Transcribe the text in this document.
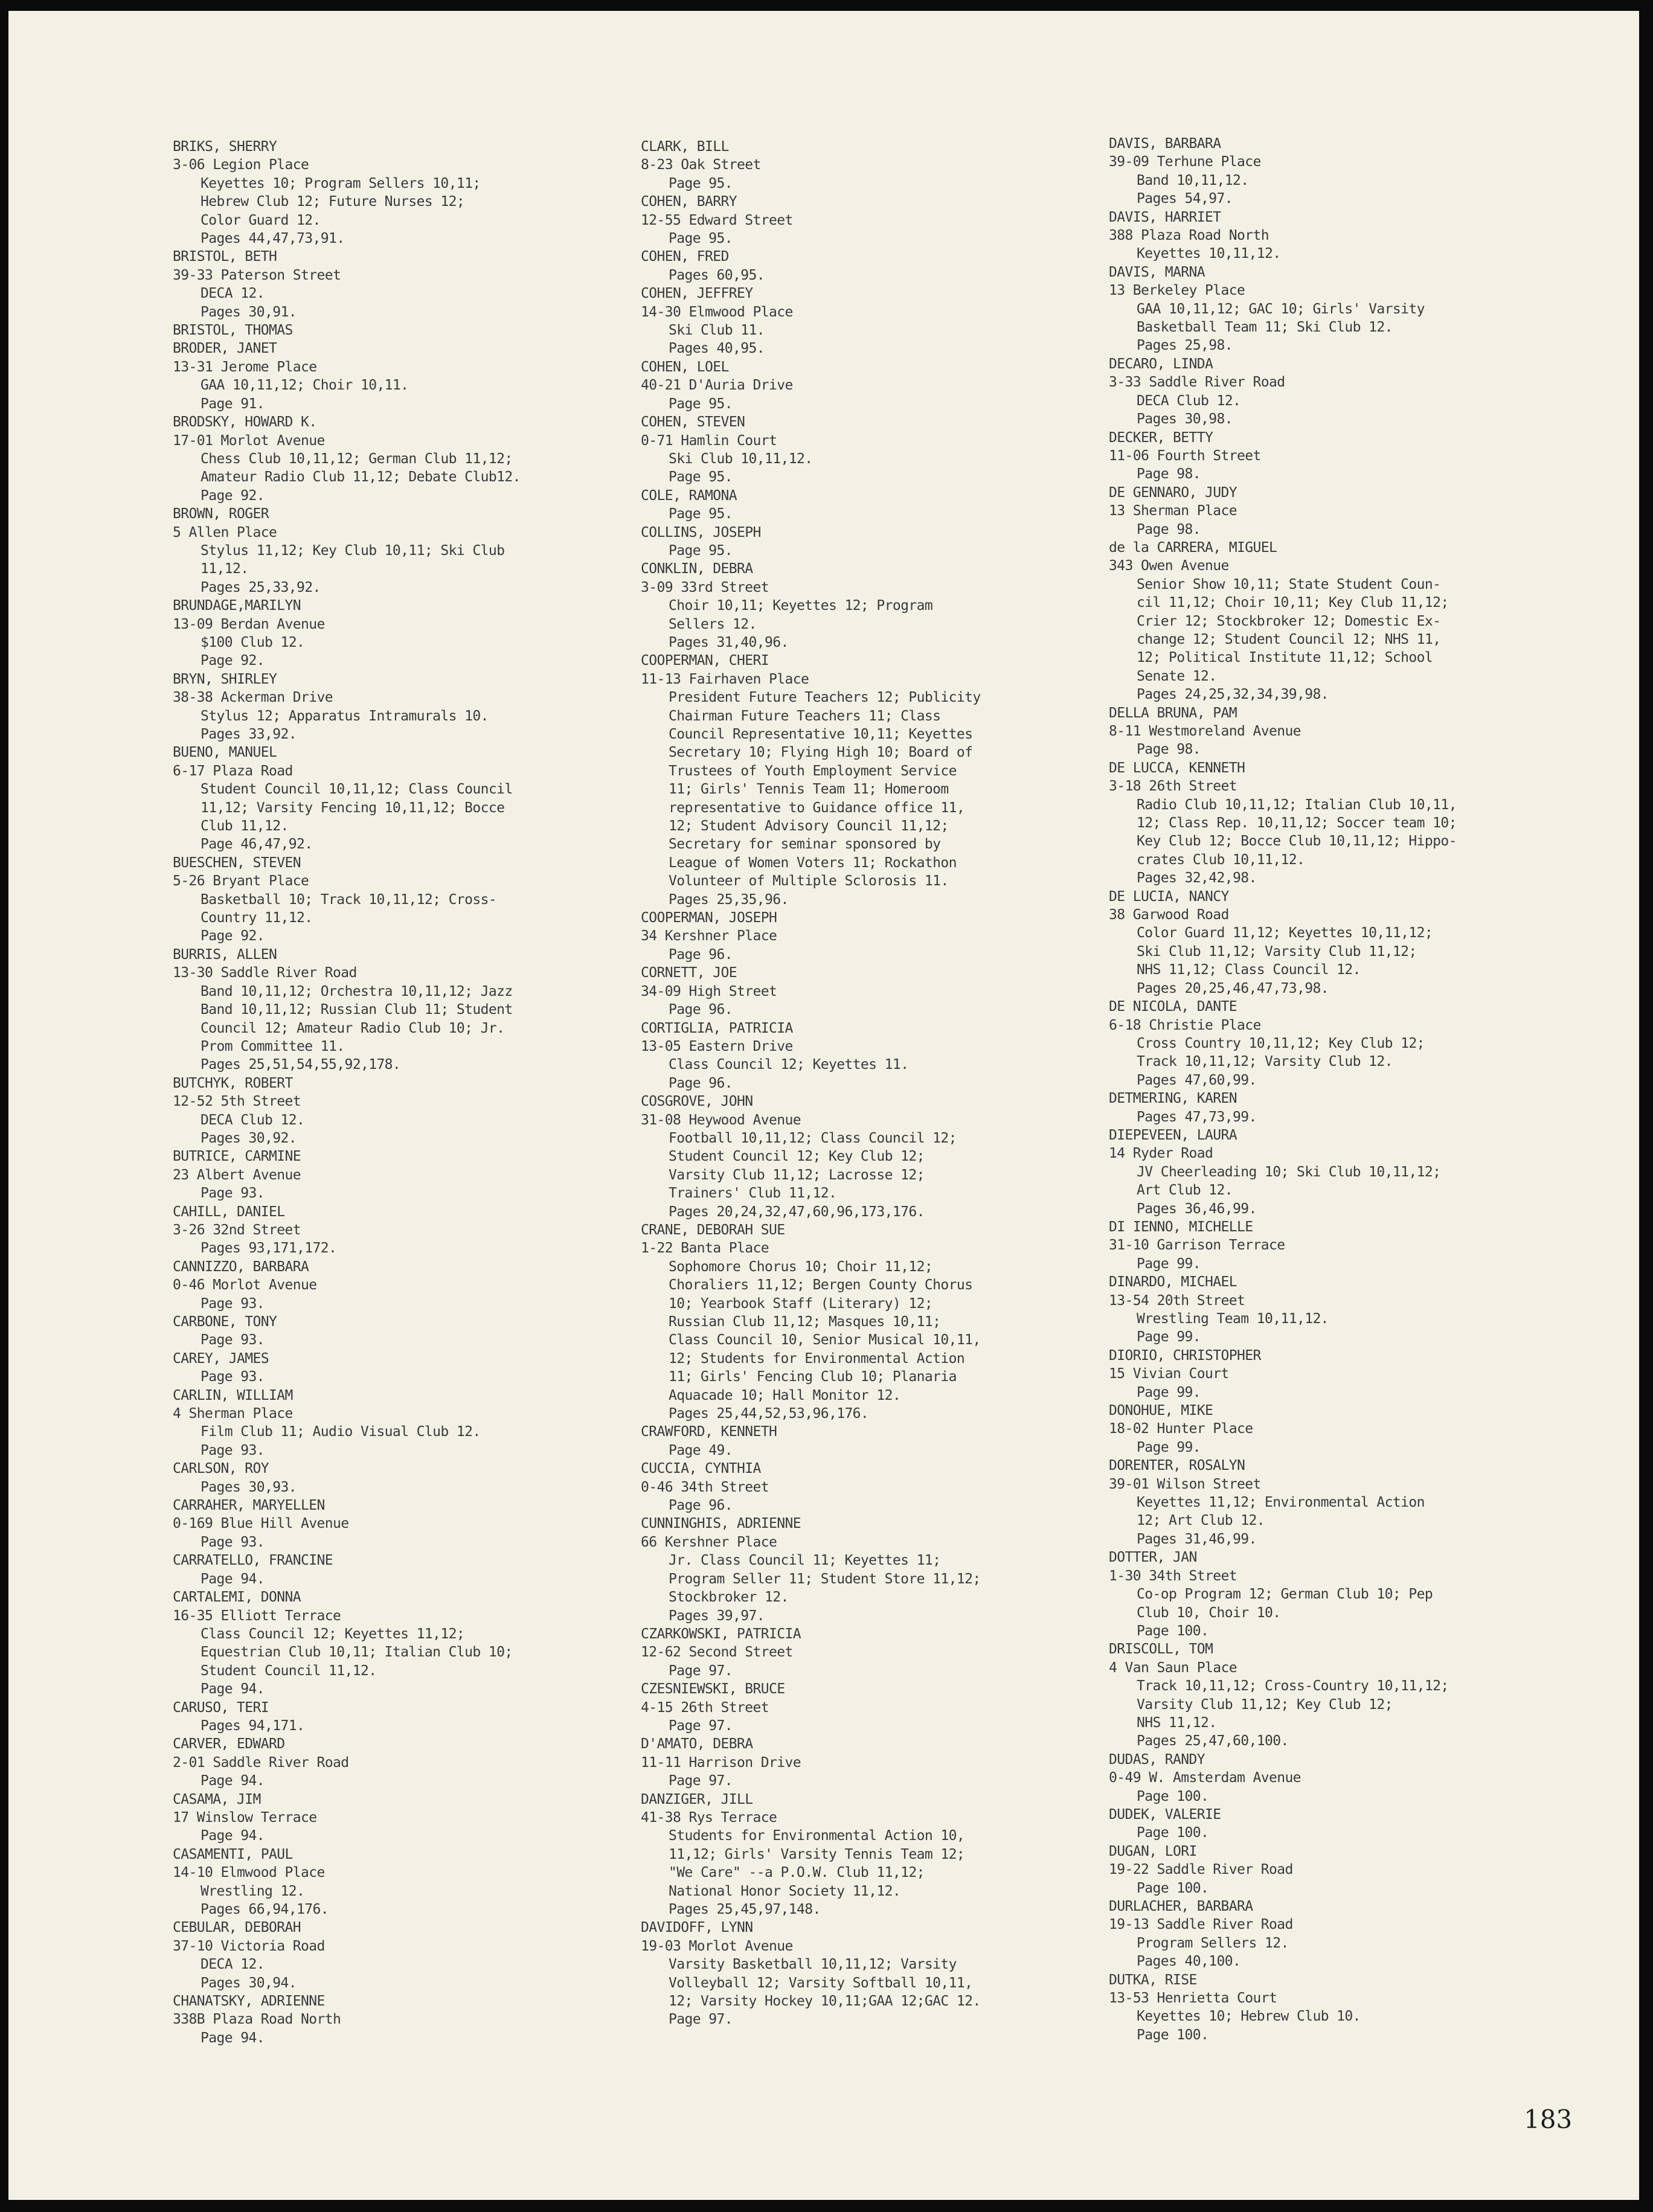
BRIKS, SHERRY
3-06 Legion Place
Keyettes 10; Program Sellers 10,11;
Hebrew Club 12; Future Nurses 12;
Color Guard 12.
Pages 44,47,73,91.
BRISTOL, BETH
39-33 Paterson Street
DECA 12.
Pages 30,91.
BRISTOL, THOMAS
BRODER, JANET
13-31 Jerome Place
GAA 10,11,12; Choir 10,11.
Page 91.
BRODSKY, HOWARD K.
17-01 Morlot Avenue
Chess Club 10,11,12; German Club 11,12;
Amateur Radio Club 11,12; Debate Club12.
Page 92.
BROWN, ROGER
5 Allen Place
Stylus 11,12; Key Club 10,11; Ski Club
11,12.
Pages 25,33,92.
BRUNDAGE,MARILYN
13-09 Berdan Avenue
$100 Club 12.
Page 92.
BRYN, SHIRLEY
38-38 Ackerman Drive
Stylus 12; Apparatus Intramurals 10.
Pages 33,92.
BUENO, MANUEL
6-17 Plaza Road
Student Council 10,11,12; Class Council
11,12; Varsity Fencing 10,11,12; Bocce
Club 11,12.
Page 46,47,92.
BUESCHEN, STEVEN
5-26 Bryant Place
Basketball 10; Track 10,11,12; Cross-
Country 11,12.
Page 92.
BURRIS, ALLEN
13-30 Saddle River Road
Band 10,11,12; Orchestra 10,11,12; Jazz
Band 10,11,12; Russian Club 11; Student
Council 12; Amateur Radio Club 10; Jr.
Prom Committee 11.
Pages 25,51,54,55,92,178.
BUTCHYK, ROBERT
12-52 5th Street
DECA Club 12.
Pages 30,92.
BUTRICE, CARMINE
23 Albert Avenue
Page 93.
CAHILL, DANIEL
3-26 32nd Street
Pages 93,171,172.
CANNIZZO, BARBARA
0-46 Morlot Avenue
Page 93.
CARBONE, TONY
Page 93.
CAREY, JAMES
Page 93.
CARLIN, WILLIAM
4 Sherman Place
Film Club 11; Audio Visual Club 12.
Page 93.
CARLSON, ROY
Pages 30,93.
CARRAHER, MARYELLEN
0-169 Blue Hill Avenue
Page 93.
CARRATELLO, FRANCINE
Page 94.
CARTALEMI, DONNA
16-35 Elliott Terrace
Class Council 12; Keyettes 11,12;
Equestrian Club 10,11; Italian Club 10;
Student Council 11,12.
Page 94.
CARUSO, TERI
Pages 94,171.
CARVER, EDWARD
2-01 Saddle River Road
Page 94.
CASAMA, JIM
17 Winslow Terrace
Page 94.
CASAMENTI, PAUL
14-10 Elmwood Place
Wrestling 12.
Pages 66,94,176.
CEBULAR, DEBORAH
37-10 Victoria Road
DECA 12.
Pages 30,94.
CHANATSKY, ADRIENNE
338B Plaza Road North
Page 94.
CLARK, BILL
8-23 Oak Street
Page 95.
COHEN, BARRY
12-55 Edward Street
Page 95.
COHEN, FRED
Pages 60,95.
COHEN, JEFFREY
14-30 Elmwood Place
Ski Club 11.
Pages 40,95.
COHEN, LOEL
40-21 D'Auria Drive
Page 95.
COHEN, STEVEN
0-71 Hamlin Court
Ski Club 10,11,12.
Page 95.
COLE, RAMONA
Page 95.
COLLINS, JOSEPH
Page 95.
CONKLIN, DEBRA
3-09 33rd Street
Choir 10,11; Keyettes 12; Program
Sellers 12.
Pages 31,40,96.
COOPERMAN, CHERI
11-13 Fairhaven Place
President Future Teachers 12; Publicity
Chairman Future Teachers 11; Class
Council Representative 10,11; Keyettes
Secretary 10; Flying High 10; Board of
Trustees of Youth Employment Service
11; Girls' Tennis Team 11; Homeroom
representative to Guidance office 11,
12; Student Advisory Council 11,12;
Secretary for seminar sponsored by
League of Women Voters 11; Rockathon
Volunteer of Multiple Sclorosis 11.
Pages 25,35,96.
COOPERMAN, JOSEPH
34 Kershner Place
Page 96.
CORNETT, JOE
34-09 High Street
Page 96.
CORTIGLIA, PATRICIA
13-05 Eastern Drive
Class Council 12; Keyettes 11.
Page 96.
COSGROVE, JOHN
31-08 Heywood Avenue
Football 10,11,12; Class Council 12;
Student Council 12; Key Club 12;
Varsity Club 11,12; Lacrosse 12;
Trainers' Club 11,12.
Pages 20,24,32,47,60,96,173,176.
CRANE, DEBORAH SUE
1-22 Banta Place
Sophomore Chorus 10; Choir 11,12;
Choraliers 11,12; Bergen County Chorus
10; Yearbook Staff (Literary) 12;
Russian Club 11,12; Masques 10,11;
Class Council 10, Senior Musical 10,11,
12; Students for Environmental Action
11; Girls' Fencing Club 10; Planaria
Aquacade 10; Hall Monitor 12.
Pages 25,44,52,53,96,176.
CRAWFORD, KENNETH
Page 49.
CUCCIA, CYNTHIA
0-46 34th Street
Page 96.
CUNNINGHIS, ADRIENNE
66 Kershner Place
Jr. Class Council 11; Keyettes 11;
Program Seller 11; Student Store 11,12;
Stockbroker 12.
Pages 39,97.
CZARKOWSKI, PATRICIA
12-62 Second Street
Page 97.
CZESNIEWSKI, BRUCE
4-15 26th Street
Page 97.
D'AMATO, DEBRA
11-11 Harrison Drive
Page 97.
DANZIGER, JILL
41-38 Rys Terrace
Students for Environmental Action 10,
11,12; Girls' Varsity Tennis Team 12;
"We Care" --a P.O.W. Club 11,12;
National Honor Society 11,12.
Pages 25,45,97,148.
DAVIDOFF, LYNN
19-03 Morlot Avenue
Varsity Basketball 10,11,12; Varsity
Volleyball 12; Varsity Softball 10,11,
12; Varsity Hockey 10,11;GAA 12;GAC 12.
Page 97.
DAVIS, BARBARA
39-09 Terhune Place
Band 10,11,12.
Pages 54,97.
DAVIS, HARRIET
388 Plaza Road North
Keyettes 10,11,12.
DAVIS, MARNA
13 Berkeley Place
GAA 10,11,12; GAC 10; Girls' Varsity
Basketball Team 11; Ski Club 12.
Pages 25,98.
DECARO, LINDA
3-33 Saddle River Road
DECA Club 12.
Pages 30,98.
DECKER, BETTY
11-06 Fourth Street
Page 98.
DE GENNARO, JUDY
13 Sherman Place
Page 98.
de la CARRERA, MIGUEL
343 Owen Avenue
Senior Show 10,11; State Student Coun-
cil 11,12; Choir 10,11; Key Club 11,12;
Crier 12; Stockbroker 12; Domestic Ex-
change 12; Student Council 12; NHS 11,
12; Political Institute 11,12; School
Senate 12.
Pages 24,25,32,34,39,98.
DELLA BRUNA, PAM
8-11 Westmoreland Avenue
Page 98.
DE LUCCA, KENNETH
3-18 26th Street
Radio Club 10,11,12; Italian Club 10,11,
12; Class Rep. 10,11,12; Soccer team 10;
Key Club 12; Bocce Club 10,11,12; Hippo-
crates Club 10,11,12.
Pages 32,42,98.
DE LUCIA, NANCY
38 Garwood Road
Color Guard 11,12; Keyettes 10,11,12;
Ski Club 11,12; Varsity Club 11,12;
NHS 11,12; Class Council 12.
Pages 20,25,46,47,73,98.
DE NICOLA, DANTE
6-18 Christie Place
Cross Country 10,11,12; Key Club 12;
Track 10,11,12; Varsity Club 12.
Pages 47,60,99.
DETMERING, KAREN
Pages 47,73,99.
DIEPEVEEN, LAURA
14 Ryder Road
JV Cheerleading 10; Ski Club 10,11,12;
Art Club 12.
Pages 36,46,99.
DI IENNO, MICHELLE
31-10 Garrison Terrace
Page 99.
DINARDO, MICHAEL
13-54 20th Street
Wrestling Team 10,11,12.
Page 99.
DIORIO, CHRISTOPHER
15 Vivian Court
Page 99.
DONOHUE, MIKE
18-02 Hunter Place
Page 99.
DORENTER, ROSALYN
39-01 Wilson Street
Keyettes 11,12; Environmental Action
12; Art Club 12.
Pages 31,46,99.
DOTTER, JAN
1-30 34th Street
Co-op Program 12; German Club 10; Pep
Club 10, Choir 10.
Page 100.
DRISCOLL, TOM
4 Van Saun Place
Track 10,11,12; Cross-Country 10,11,12;
Varsity Club 11,12; Key Club 12;
NHS 11,12.
Pages 25,47,60,100.
DUDAS, RANDY
0-49 W. Amsterdam Avenue
Page 100.
DUDEK, VALERIE
Page 100.
DUGAN, LORI
19-22 Saddle River Road
Page 100.
DURLACHER, BARBARA
19-13 Saddle River Road
Program Sellers 12.
Pages 40,100.
DUTKA, RISE
13-53 Henrietta Court
Keyettes 10; Hebrew Club 10.
Page 100.
183
